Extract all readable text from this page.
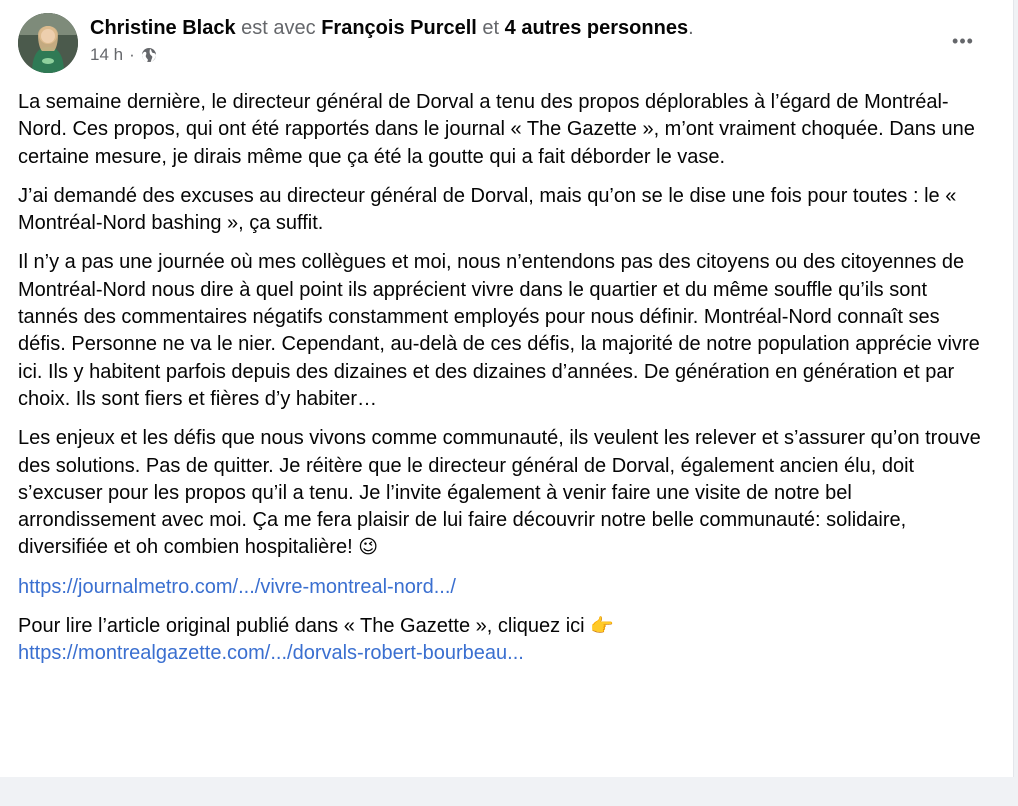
Christine Black est avec François Purcell et 4 autres personnes.
14 h ·
•••

La semaine dernière, le directeur général de Dorval a tenu des propos déplorables à l’égard de Montréal-Nord. Ces propos, qui ont été rapportés dans le journal « The Gazette », m’ont vraiment choquée. Dans une certaine mesure, je dirais même que ça été la goutte qui a fait déborder le vase.

J’ai demandé des excuses au directeur général de Dorval, mais qu’on se le dise une fois pour toutes : le « Montréal-Nord bashing », ça suffit.

Il n’y a pas une journée où mes collègues et moi, nous n’entendons pas des citoyens ou des citoyennes de Montréal-Nord nous dire à quel point ils apprécient vivre dans le quartier et du même souffle qu’ils sont tannés des commentaires négatifs constamment employés pour nous définir. Montréal-Nord connaît ses défis. Personne ne va le nier. Cependant, au-delà de ces défis, la majorité de notre population apprécie vivre ici. Ils y habitent parfois depuis des dizaines et des dizaines d’années. De génération en génération et par choix. Ils sont fiers et fières d’y habiter…

Les enjeux et les défis que nous vivons comme communauté, ils veulent les relever et s’assurer qu’on trouve des solutions. Pas de quitter. Je réitère que le directeur général de Dorval, également ancien élu, doit s’excuser pour les propos qu’il a tenu. Je l’invite également à venir faire une visite de notre bel arrondissement avec moi. Ça me fera plaisir de lui faire découvrir notre belle communauté: solidaire, diversifiée et oh combien hospitalière! 😉

https://journalmetro.com/.../vivre-montreal-nord.../

Pour lire l’article original publié dans « The Gazette », cliquez ici 👉
https://montrealgazette.com/.../dorvals-robert-bourbeau...
